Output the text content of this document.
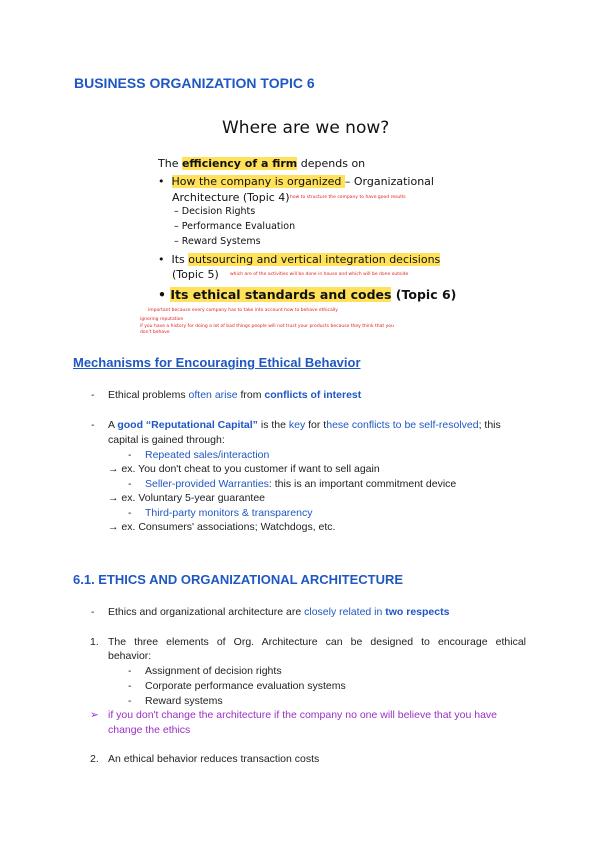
BUSINESS ORGANIZATION TOPIC 6
Where are we now?
The efficiency of a firm depends on
• How the company is organized – Organizational
Architecture (Topic 4) how to structure the company to have good results
– Decision Rights
– Performance Evaluation
– Reward Systems
• Its outsourcing and vertical integration decisions
(Topic 5)	which are of the activities will be done in house and which will be done outside
• Its ethical standards and codes (Topic 6)
important because every company has to take into account how to behave ethically
ignoring reputation
if you have a history for doing a lot of bad things people will not trust your products because they think that you
don't behave
Mechanisms for Encouraging Ethical Behavior
- Ethical problems often arise from conflicts of interest
- A good “Reputational Capital” is the key for these conflicts to be self-resolved; this
capital is gained through:
- Repeated sales/interaction
→ ex. You don't cheat to you customer if want to sell again
- Seller-provided Warranties: this is an important commitment device
→ ex. Voluntary 5-year guarantee
- Third-party monitors & transparency
→ ex. Consumers' associations; Watchdogs, etc.
6.1. ETHICS AND ORGANIZATIONAL ARCHITECTURE
- Ethics and organizational architecture are closely related in two respects
1. The three elements of Org. Architecture can be designed to encourage ethical
behavior:
- Assignment of decision rights
- Corporate performance evaluation systems
- Reward systems
➢ if you don't change the architecture if the company no one will believe that you have
change the ethics
2. An ethical behavior reduces transaction costs
